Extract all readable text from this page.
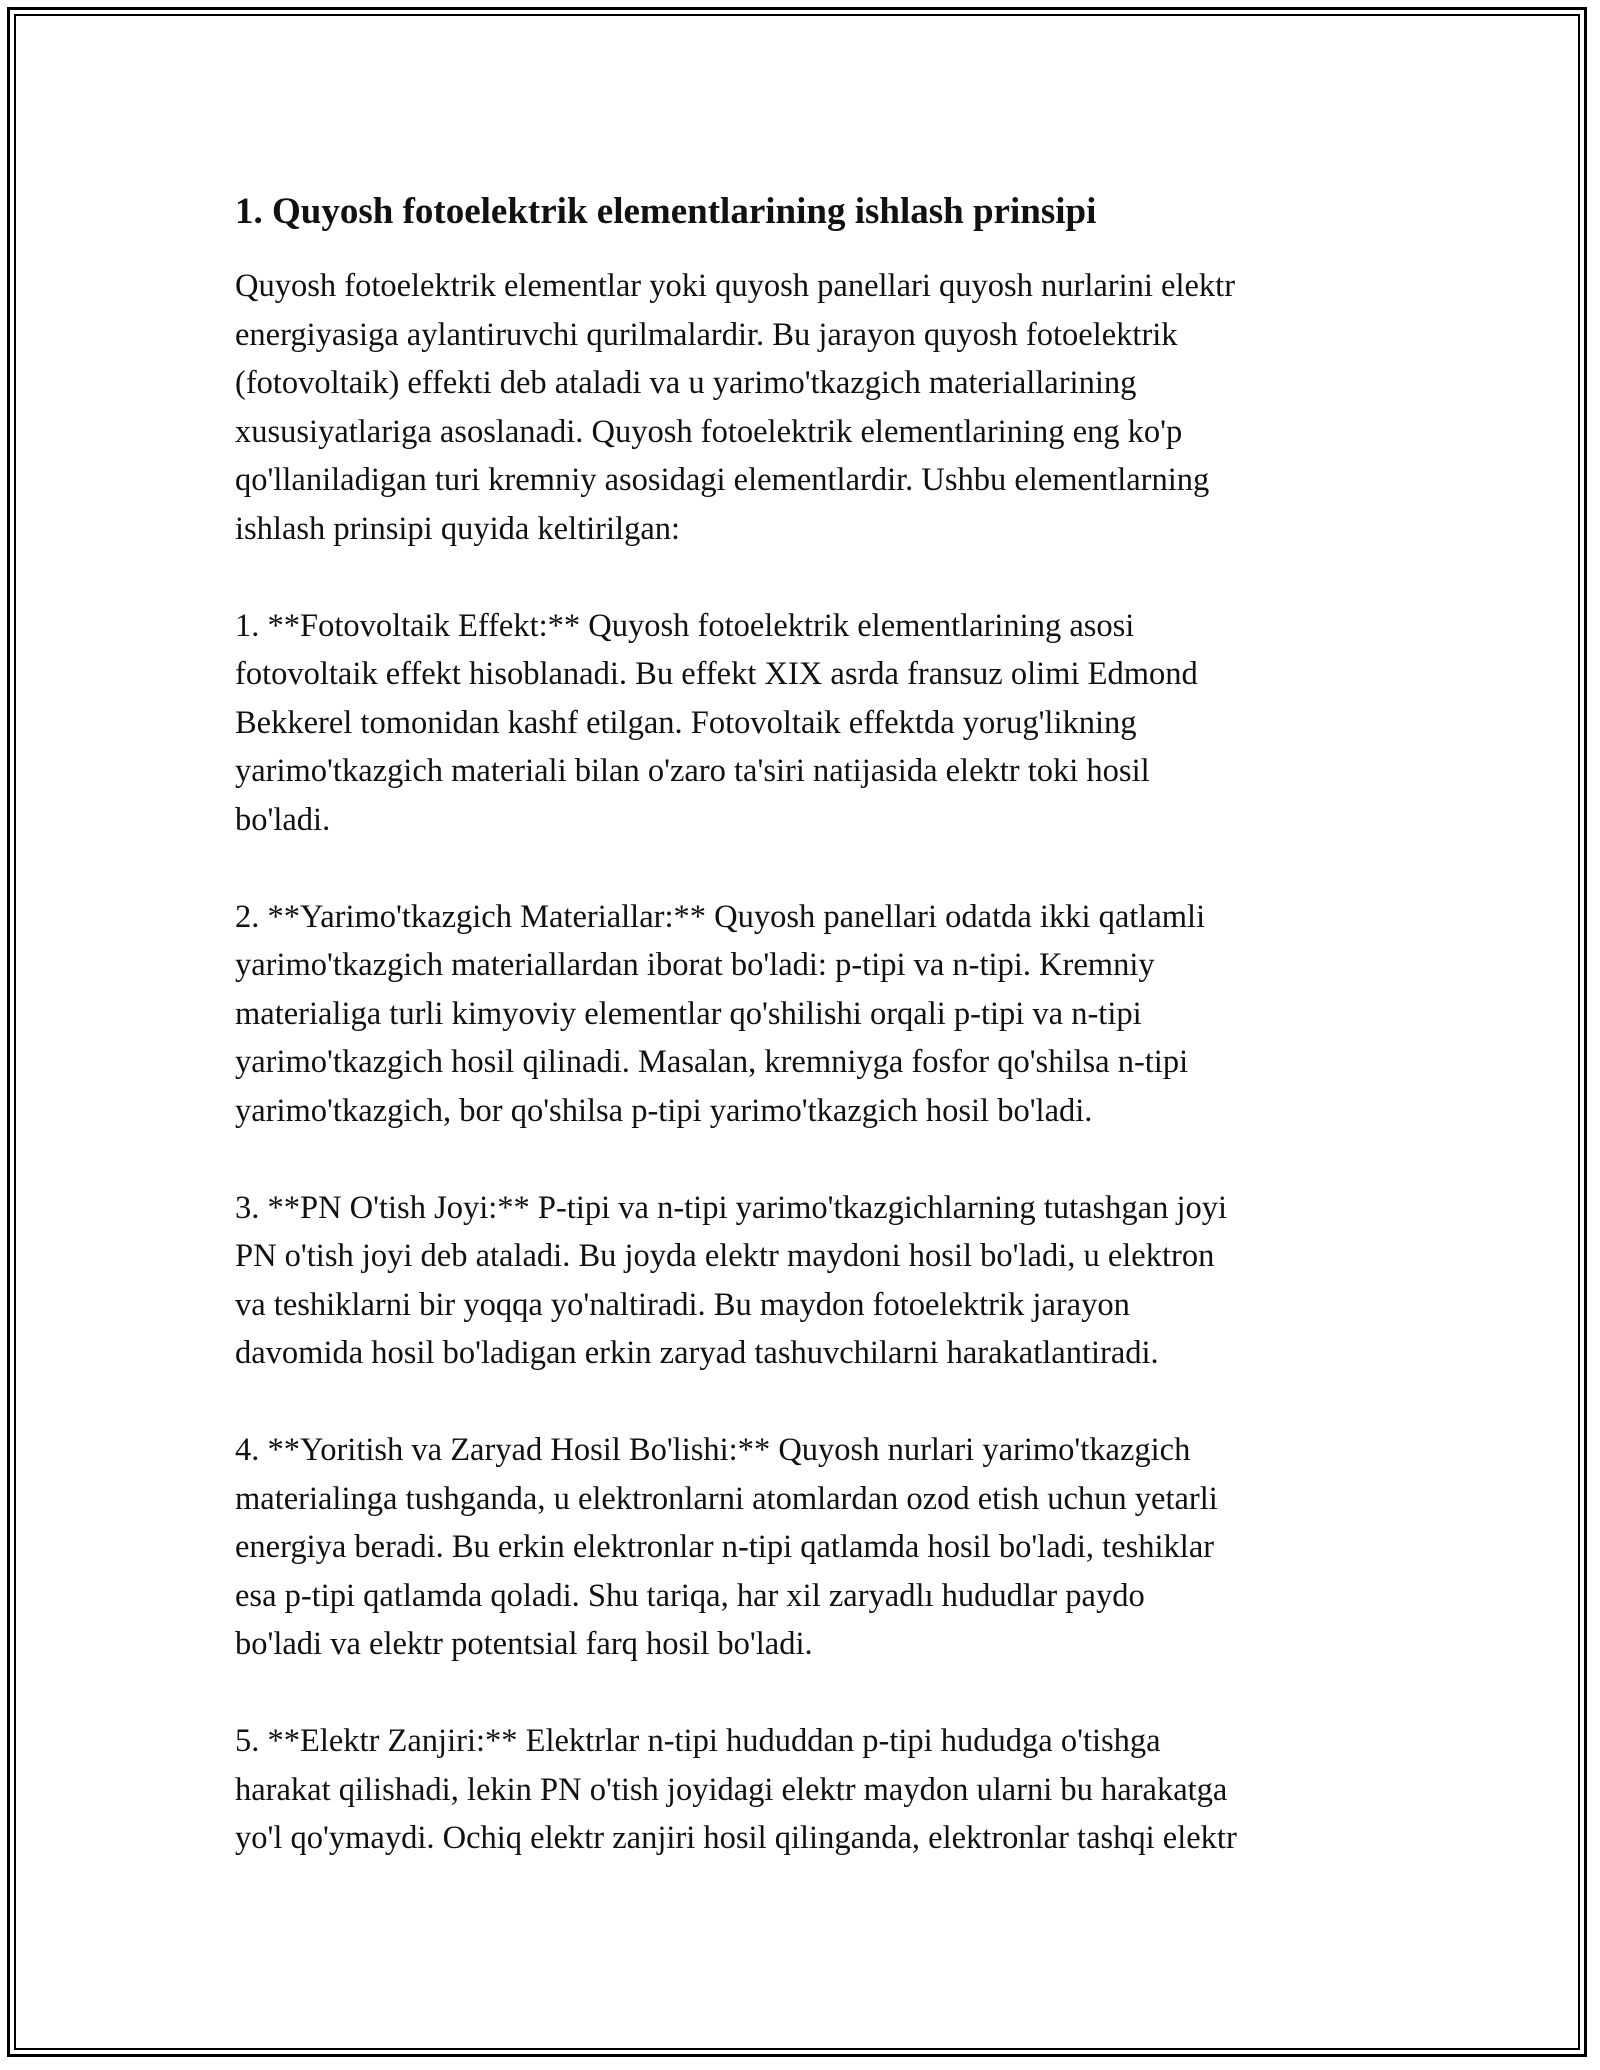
1. Quyosh fotoelektrik elementlarining ishlash prinsipi

Quyosh fotoelektrik elementlar yoki quyosh panellari quyosh nurlarini elektr
energiyasiga aylantiruvchi qurilmalardir. Bu jarayon quyosh fotoelektrik
(fotovoltaik) effekti deb ataladi va u yarimo'tkazgich materiallarining
xususiyatlariga asoslanadi. Quyosh fotoelektrik elementlarining eng ko'p
qo'llaniladigan turi kremniy asosidagi elementlardir. Ushbu elementlarning
ishlash prinsipi quyida keltirilgan:

1. **Fotovoltaik Effekt:** Quyosh fotoelektrik elementlarining asosi
fotovoltaik effekt hisoblanadi. Bu effekt XIX asrda fransuz olimi Edmond
Bekkerel tomonidan kashf etilgan. Fotovoltaik effektda yorug'likning
yarimo'tkazgich materiali bilan o'zaro ta'siri natijasida elektr toki hosil
bo'ladi.

2. **Yarimo'tkazgich Materiallar:** Quyosh panellari odatda ikki qatlamli
yarimo'tkazgich materiallardan iborat bo'ladi: p-tipi va n-tipi. Kremniy
materialiga turli kimyoviy elementlar qo'shilishi orqali p-tipi va n-tipi
yarimo'tkazgich hosil qilinadi. Masalan, kremniyga fosfor qo'shilsa n-tipi
yarimo'tkazgich, bor qo'shilsa p-tipi yarimo'tkazgich hosil bo'ladi.

3. **PN O'tish Joyi:** P-tipi va n-tipi yarimo'tkazgichlarning tutashgan joyi
PN o'tish joyi deb ataladi. Bu joyda elektr maydoni hosil bo'ladi, u elektron
va teshiklarni bir yoqqa yo'naltiradi. Bu maydon fotoelektrik jarayon
davomida hosil bo'ladigan erkin zaryad tashuvchilarni harakatlantiradi.

4. **Yoritish va Zaryad Hosil Bo'lishi:** Quyosh nurlari yarimo'tkazgich
materialinga tushganda, u elektronlarni atomlardan ozod etish uchun yetarli
energiya beradi. Bu erkin elektronlar n-tipi qatlamda hosil bo'ladi, teshiklar
esa p-tipi qatlamda qoladi. Shu tariqa, har xil zaryadlı hududlar paydo
bo'ladi va elektr potentsial farq hosil bo'ladi.

5. **Elektr Zanjiri:** Elektrlar n-tipi hududdan p-tipi hududga o'tishga
harakat qilishadi, lekin PN o'tish joyidagi elektr maydon ularni bu harakatga
yo'l qo'ymaydi. Ochiq elektr zanjiri hosil qilinganda, elektronlar tashqi elektr
